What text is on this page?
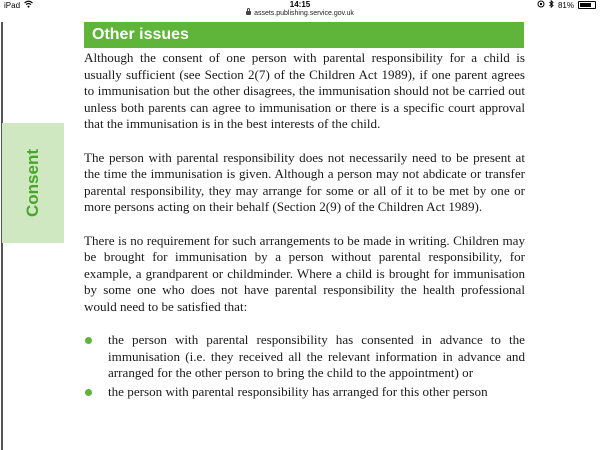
iPad	14:15	81%
assets.publishing.service.gov.uk
Other issues
Consent

Although the consent of one person with parental responsibility for a child is usually sufficient (see Section 2(7) of the Children Act 1989), if one parent agrees to immunisation but the other disagrees, the immunisation should not be carried out unless both parents can agree to immunisation or there is a specific court approval that the immunisation is in the best interests of the child.

The person with parental responsibility does not necessarily need to be present at the time the immunisation is given. Although a person may not abdicate or transfer parental responsibility, they may arrange for some or all of it to be met by one or more persons acting on their behalf (Section 2(9) of the Children Act 1989).

There is no requirement for such arrangements to be made in writing. Children may be brought for immunisation by a person without parental responsibility, for example, a grandparent or childminder. Where a child is brought for immunisation by some one who does not have parental responsibility the health professional would need to be satisfied that:

the person with parental responsibility has consented in advance to the immunisation (i.e. they received all the relevant information in advance and arranged for the other person to bring the child to the appointment) or
the person with parental responsibility has arranged for this other person
